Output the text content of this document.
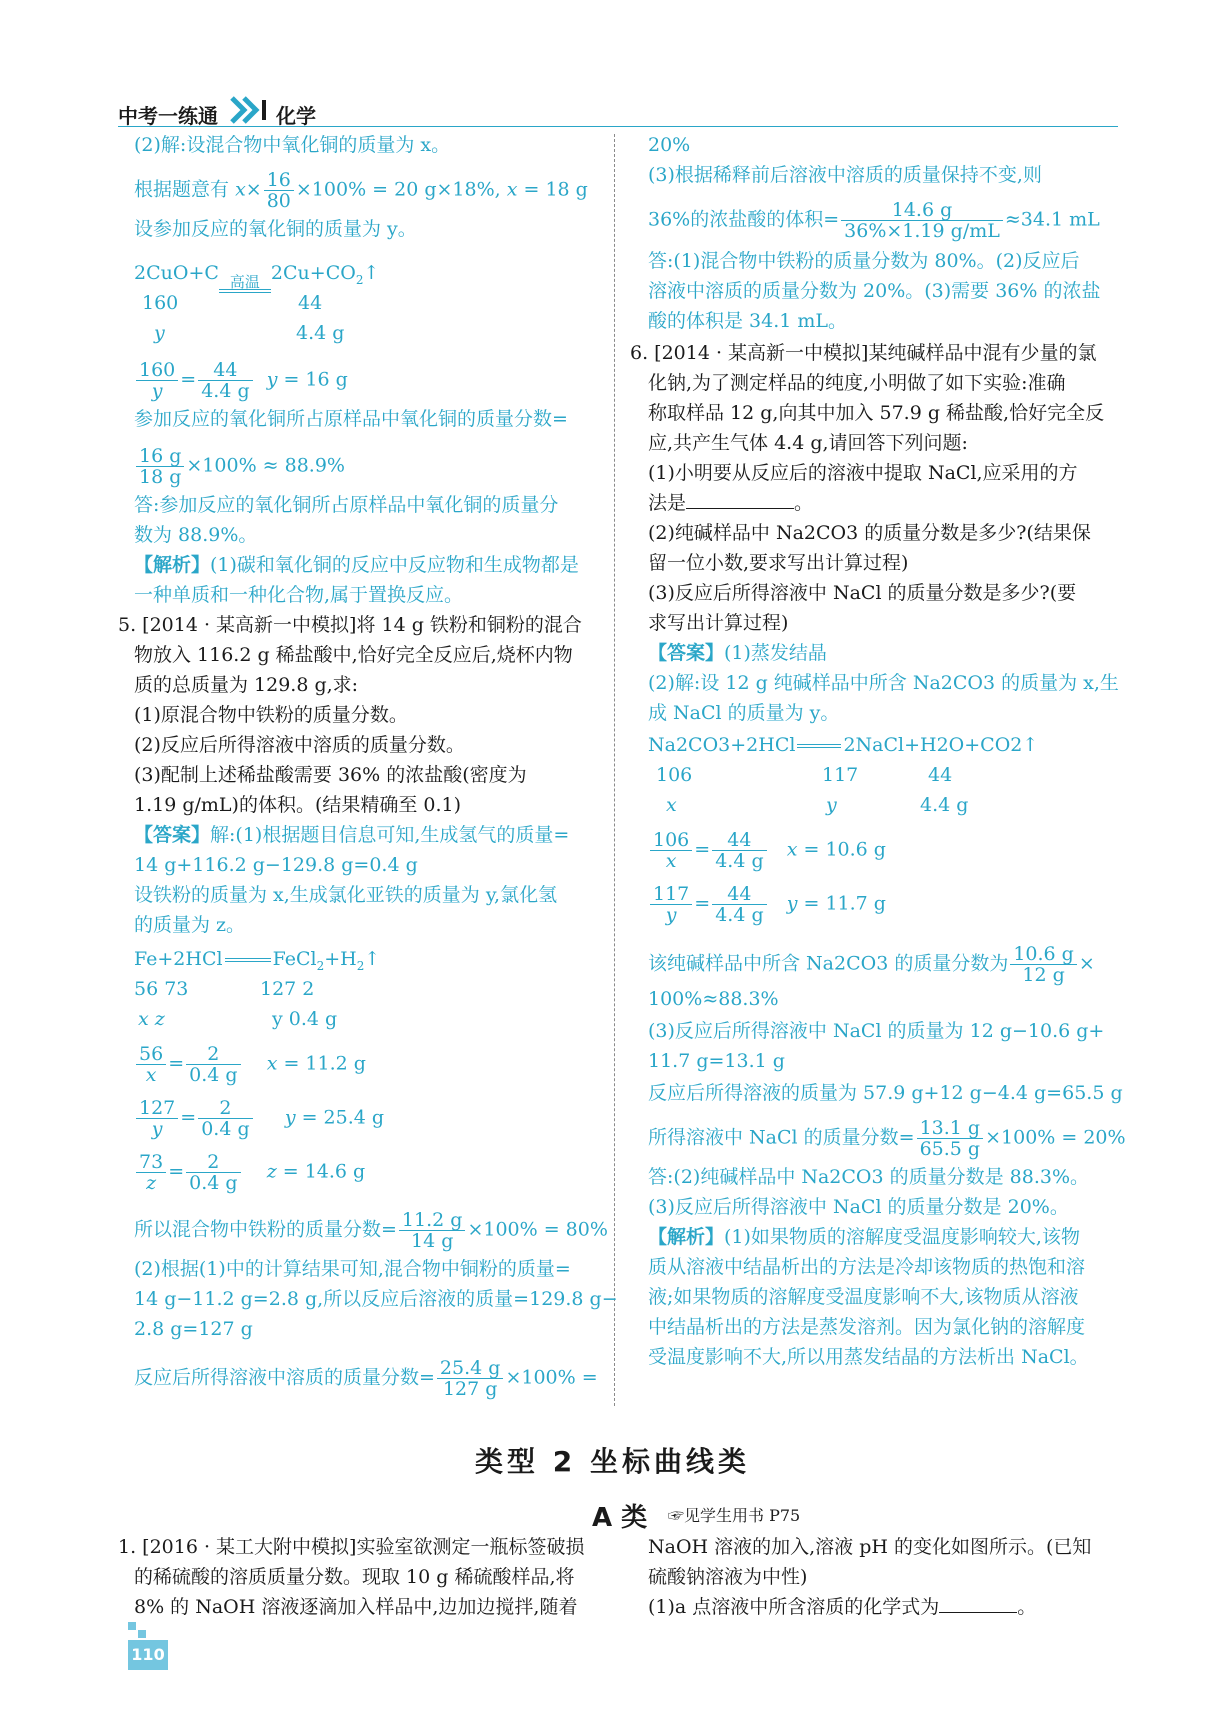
中考一练通	化学
(2)解:设混合物中氧化铜的质量为 x。
根据题意有 $x\times \frac{16}{80} \times 100\% = 20$ g×18%, x = 18 g
设参加反应的氧化铜的质量为 y。
2CuO+C 高温 $2Cu+CO_2↑$
160	44
y	4.4 g
$\frac{160}{y} = \frac{44}{4.4 g}$ y = 16 g
参加反应的氧化铜所占原样品中氧化铜的质量分数=
$\frac{16 g}{18 g} \times 100\% \approx 88.9\%$
答:参加反应的氧化铜所占原样品中氧化铜的质量分
数为 88.9%。
【解析】(1)碳和氧化铜的反应中反应物和生成物都是
一种单质和一种化合物,属于置换反应。
5. [2014 · 某高新一中模拟]将 14 g 铁粉和铜粉的混合
物放入 116.2 g 稀盐酸中,恰好完全反应后,烧杯内物
质的总质量为 129.8 g,求:
(1)原混合物中铁粉的质量分数。
(2)反应后所得溶液中溶质的质量分数。
(3)配制上述稀盐酸需要 36% 的浓盐酸(密度为
1.19 g/mL)的体积。(结果精确至 0.1)
【答案】解:(1)根据题目信息可知,生成氢气的质量=
14 g+116.2 g−129.8 g=0.4 g
设铁粉的质量为 x,生成氯化亚铁的质量为 y,氯化氢
的质量为 z。
Fe+2HCl	$FeCl_2+H_2↑$
56 73	127 2
x z	y 0.4 g
$\frac{56}{x} = \frac{2}{0.4 g}$ x = 11.2 g
$\frac{127}{y} = \frac{2}{0.4 g}$ y = 25.4 g
$\frac{73}{z} = \frac{2}{0.4 g}$ z = 14.6 g
所以混合物中铁粉的质量分数= $\frac{11.2 g}{14 g} \times 100\% = 80\%$
(2)根据(1)中的计算结果可知,混合物中铜粉的质量=
14 g−11.2 g=2.8 g,所以反应后溶液的质量=129.8 g−
2.8 g=127 g
反应后所得溶液中溶质的质量分数= $\frac{25.4 g}{127 g} \times 100\%$ =
20%
(3)根据稀释前后溶液中溶质的质量保持不变,则
36%的浓盐酸的体积= $\frac{14.6 g}{36\%\times 1.19 g/mL} \approx 34.1$ mL
答:(1)混合物中铁粉的质量分数为 80%。(2)反应后
溶液中溶质的质量分数为 20%。(3)需要 36% 的浓盐
酸的体积是 34.1 mL。
6. [2014 · 某高新一中模拟]某纯碱样品中混有少量的氯
化钠,为了测定样品的纯度,小明做了如下实验:准确
称取样品 12 g,向其中加入 57.9 g 稀盐酸,恰好完全反
应,共产生气体 4.4 g,请回答下列问题:
(1)小明要从反应后的溶液中提取 NaCl,应采用的方
法是	。
(2)纯碱样品中 Na2CO3 的质量分数是多少?(结果保
留一位小数,要求写出计算过程)
(3)反应后所得溶液中 NaCl 的质量分数是多少?(要
求写出计算过程)
【答案】(1)蒸发结晶
(2)解:设 12 g 纯碱样品中所含 Na2CO3 的质量为 x,生
成 NaCl 的质量为 y。
Na2CO3+2HCl	2NaCl+H2O+CO2↑
106	117	44
x	y	4.4 g
$\frac{106}{x} = \frac{44}{4.4 g}$ x = 10.6 g
$\frac{117}{y} = \frac{44}{4.4 g}$ y = 11.7 g
该纯碱样品中所含 Na2CO3 的质量分数为 $\frac{10.6 g}{12 g}$ ×
100%≈88.3%
(3)反应后所得溶液中 NaCl 的质量为 12 g−10.6 g+
11.7 g=13.1 g
反应后所得溶液的质量为 57.9 g+12 g−4.4 g=65.5 g
所得溶液中 NaCl 的质量分数= $\frac{13.1 g}{65.5 g} \times 100\% = 20\%$
答:(2)纯碱样品中 Na2CO3 的质量分数是 88.3%。
(3)反应后所得溶液中 NaCl 的质量分数是 20%。
【解析】(1)如果物质的溶解度受温度影响较大,该物
质从溶液中结晶析出的方法是冷却该物质的热饱和溶
液;如果物质的溶解度受温度影响不大,该物质从溶液
中结晶析出的方法是蒸发溶剂。因为氯化钠的溶解度
受温度影响不大,所以用蒸发结晶的方法析出 NaCl。
类型 2 坐标曲线类
A 类 ☞见学生用书 P75
1. [2016 · 某工大附中模拟]实验室欲测定一瓶标签破损
的稀硫酸的溶质质量分数。现取 10 g 稀硫酸样品,将
8% 的 NaOH 溶液逐滴加入样品中,边加边搅拌,随着
NaOH 溶液的加入,溶液 pH 的变化如图所示。(已知
硫酸钠溶液为中性)
(1)a 点溶液中所含溶质的化学式为	。
110
